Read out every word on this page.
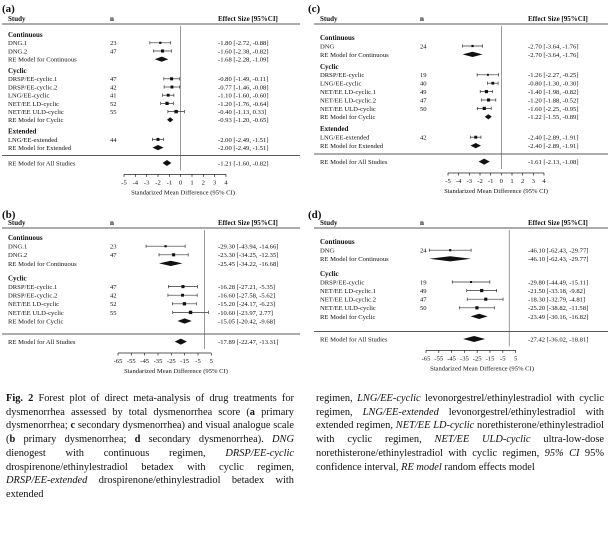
(a)
Study	n	Effect Size [95%CI]
Continuous
DNG.1	23	-1.80 [-2.72, -0.88]
DNG.2	47	-1.60 [-2.38, -0.82]
RE Model for Continuous	-1.68 [-2.28, -1.09]
Cyclic
DRSP/EE-cyclic.1	47	-0.80 [-1.49, -0.11]
DRSP/EE-cyclic.2	42	-0.77 [-1.46, -0.08]
LNG/EE-cyclic	41	-1.10 [-1.60, -0.60]
NET/EE LD-cyclic	52	-1.20 [-1.76, -0.64]
NET/EE ULD-cyclic	55	-0.40 [-1.13, 0.33]
RE Model for Cyclic	-0.93 [-1.20, -0.65]
Extended
LNG/EE-extended	44	-2.00 [-2.49, -1.51]
RE Model for Extended	-2.00 [-2.49, -1.51]
RE Model for All Studies	-1.21 [-1.60, -0.82]
-5 -4 -3 -2 -1 0 1 2 3 4
Standarized Mean Difference (95% CI)
(c)
Study	n	Effect Size [95%CI]
Continuous
DNG	24	-2.70 [-3.64, -1.76]
RE Model for Continuous	-2.70 [-3.64, -1.76]
Cyclic
DRSP/EE-cyclic	19	-1.26 [-2.27, -0.25]
LNG/EE-cyclic	40	-0.80 [-1.30, -0.30]
NET/EE LD-cyclic.1	49	-1.40 [-1.98, -0.82]
NET/EE LD-cyclic.2	47	-1.20 [-1.88, -0.52]
NET/EE ULD-cyclic	50	-1.60 [-2.25, -0.95]
RE Model for Cyclic	-1.22 [-1.55, -0.89]
Extended
LNG/EE-extended	42	-2.40 [-2.89, -1.91]
RE Model for Extended	-2.40 [-2.89, -1.91]
RE Model for All Studies	-1.61 [-2.13, -1.08]
-5 -4 -3 -2 -1 0 1 2 3 4
Standarized Mean Difference (95% CI)
(b)
Study	n	Effect Size [95%CI]
Continuous
DNG.1	23	-29.30 [-43.94, -14.66]
DNG.2	47	-23.30 [-34.25, -12.35]
RE Model for Continuous	-25.45 [-34.22, -16.68]
Cyclic
DRSP/EE-cyclic.1	47	-16.28 [-27.21, -5.35]
DRSP/EE-cyclic.2	42	-16.60 [-27.58, -5.62]
NET/EE LD-cyclic	52	-15.20 [-24.17, -6.23]
NET/EE ULD-cyclic	55	-10.60 [-23.97, 2.77]
RE Model for Cyclic	-15.05 [-20.42, -9.68]
RE Model for All Studies	-17.89 [-22.47, -13.31]
-65 -55 -45 -35 -25 -15 -5 5
Standarized Mean Difference (95% CI)
(d)
Study	n	Effect Size [95%CI]
Continuous
DNG	24	-46.10 [-62.43, -29.77]
RE Model for Continuous	-46.10 [-62.43, -29.77]
Cyclic
DRSP/EE-cyclic	19	-29.80 [-44.49, -15.11]
NET/EE LD-cyclic.1	49	-21.50 [-33.18, -9.82]
NET/EE LD-cyclic.2	47	-18.30 [-32.79, -4.81]
NET/EE ULD-cyclic	50	-25.20 [-38.82, -11.58]
RE Model for Cyclic	-23.49 [-30.16, -16.82]
RE Model for All Studies	-27.42 [-36.02, -18.81]
-65 -55 -45 -35 -25 -15 -5 5
Standarized Mean Difference (95% CI)

Fig. 2 Forest plot of direct meta-analysis of drug treatments for dysmenorrhea assessed by total dysmenorrhea score (a primary dysmenorrhea; c secondary dysmenorrhea) and visual analogue scale (b primary dysmenorrhea; d secondary dysmenorrhea). DNG dienogest with continuous regimen, DRSP/EE-cyclic drospirenone/ethinylestradiol betadex with cyclic regimen, DRSP/EE-extended drospirenone/ethinylestradiol betadex with extended

regimen, LNG/EE-cyclic levonorgestrel/ethinylestradiol with cyclic regimen, LNG/EE-extended levonorgestrel/ethinylestradiol with extended regimen, NET/EE LD-cyclic norethisterone/ethinylestradiol with cyclic regimen, NET/EE ULD-cyclic ultra-low-dose norethisterone/ethinylestradiol with cyclic regimen, 95% CI 95% confidence interval, RE model random effects model
